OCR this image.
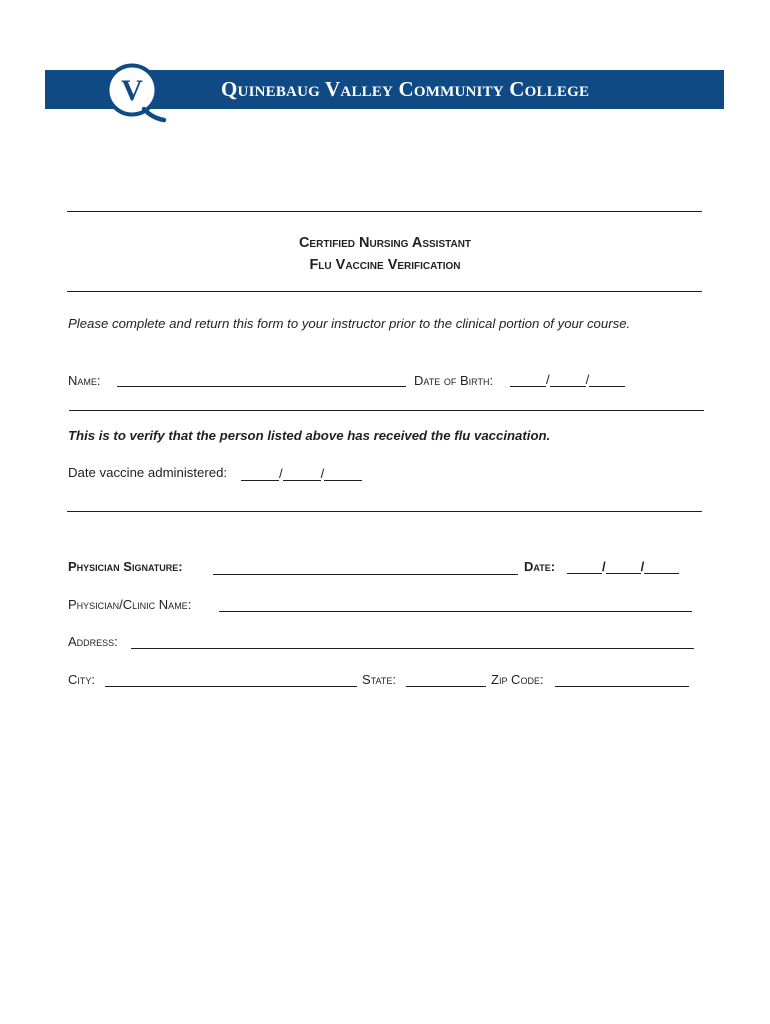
V	Quinebaug Valley Community College
Certified Nursing Assistant
Flu Vaccine Verification
Please complete and return this form to your instructor prior to the clinical portion of your course.
Name:	Date of Birth:	/	/
This is to verify that the person listed above has received the flu vaccination.
Date vaccine administered:	/	/
Physician Signature:	Date:	/	/
Physician/Clinic Name:
Address:
City:	State:	Zip Code:
